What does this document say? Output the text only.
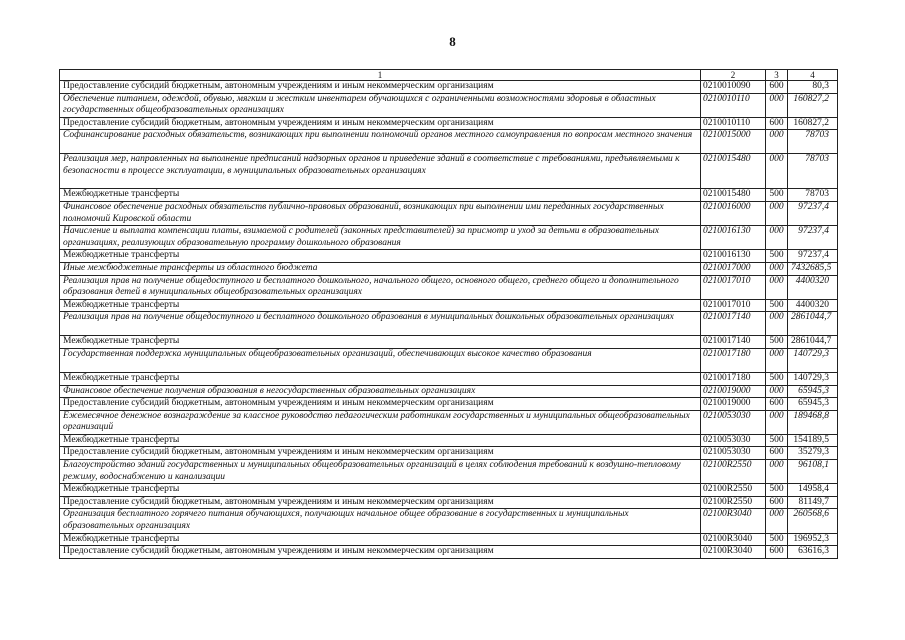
8
1	2	3	4
Предоставление субсидий бюджетным, автономным учреждениям и иным некоммерческим организациям	0210010090	600	80,3
Обеспечение питанием, одеждой, обувью, мягким и жестким инвентарем обучающихся с ограниченными возможностями здоровья в областных государственных общеобразовательных организациях	0210010110	000	160827,2
Предоставление субсидий бюджетным, автономным учреждениям и иным некоммерческим организациям	0210010110	600	160827,2
Софинансирование расходных обязательств, возникающих при выполнении полномочий органов местного самоуправления по вопросам местного значения	0210015000	000	78703
Реализация мер, направленных на выполнение предписаний надзорных органов и приведение зданий в соответствие с требованиями, предъявляемыми к безопасности в процессе эксплуатации, в муниципальных образовательных организациях	0210015480	000	78703
Межбюджетные трансферты	0210015480	500	78703
Финансовое обеспечение расходных обязательств публично-правовых образований, возникающих при выполнении ими переданных государственных полномочий Кировской области	0210016000	000	97237,4
Начисление и выплата компенсации платы, взимаемой с родителей (законных представителей) за присмотр и уход за детьми в образовательных организациях, реализующих образовательную программу дошкольного образования	0210016130	000	97237,4
Межбюджетные трансферты	0210016130	500	97237,4
Иные межбюджетные трансферты из областного бюджета	0210017000	000	7432685,5
Реализация прав на получение общедоступного и бесплатного дошкольного, начального общего, основного общего, среднего общего и дополнительного образования детей в муниципальных общеобразовательных организациях	0210017010	000	4400320
Межбюджетные трансферты	0210017010	500	4400320
Реализация прав на получение общедоступного и бесплатного дошкольного образования в муниципальных дошкольных образовательных организациях	0210017140	000	2861044,7
Межбюджетные трансферты	0210017140	500	2861044,7
Государственная поддержка муниципальных общеобразовательных организаций, обеспечивающих высокое качество образования	0210017180	000	140729,3
Межбюджетные трансферты	0210017180	500	140729,3
Финансовое обеспечение получения образования в негосударственных образовательных организациях	0210019000	000	65945,3
Предоставление субсидий бюджетным, автономным учреждениям и иным некоммерческим организациям	0210019000	600	65945,3
Ежемесячное денежное вознаграждение за классное руководство педагогическим работникам государственных и муниципальных общеобразовательных организаций	0210053030	000	189468,8
Межбюджетные трансферты	0210053030	500	154189,5
Предоставление субсидий бюджетным, автономным учреждениям и иным некоммерческим организациям	0210053030	600	35279,3
Благоустройство зданий государственных и муниципальных общеобразовательных организаций в целях соблюдения требований к воздушно-тепловому режиму, водоснабжению и канализации	02100R2550	000	96108,1
Межбюджетные трансферты	02100R2550	500	14958,4
Предоставление субсидий бюджетным, автономным учреждениям и иным некоммерческим организациям	02100R2550	600	81149,7
Организация бесплатного горячего питания обучающихся, получающих начальное общее образование в государственных и муниципальных образовательных организациях	02100R3040	000	260568,6
Межбюджетные трансферты	02100R3040	500	196952,3
Предоставление субсидий бюджетным, автономным учреждениям и иным некоммерческим организациям	02100R3040	600	63616,3
